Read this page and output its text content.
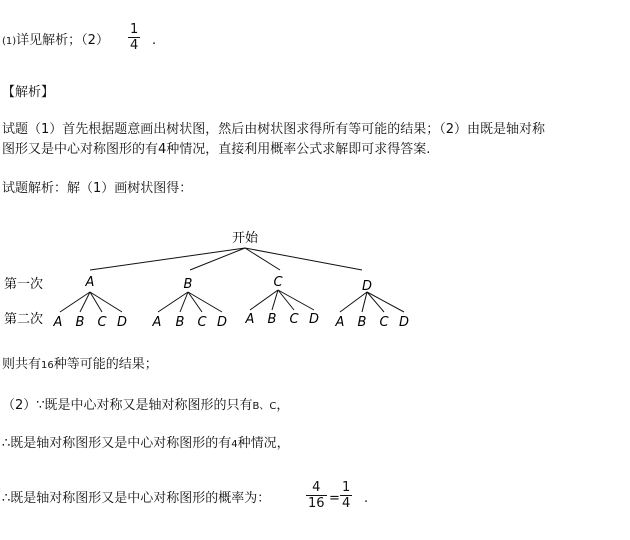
(1)详见解析；（2）
1
4 .
【解析】
试题（1）首先根据题意画出树状图，然后由树状图求得所有等可能的结果；（2）由既是轴对称
图形又是中心对称图形的有4种情况，直接利用概率公式求解即可求得答案.
试题解析：解（1）画树状图得：
开始
第一次
第二次
A	B	C	D
A B C D A B C D A B C D A B C D
则共有16种等可能的结果；
（2）∵既是中心对称又是轴对称图形的只有B、C，
∴既是轴对称图形又是中心对称图形的有4种情况，
∴既是轴对称图形又是中心对称图形的概率为：
4
16 =
1
4 .
